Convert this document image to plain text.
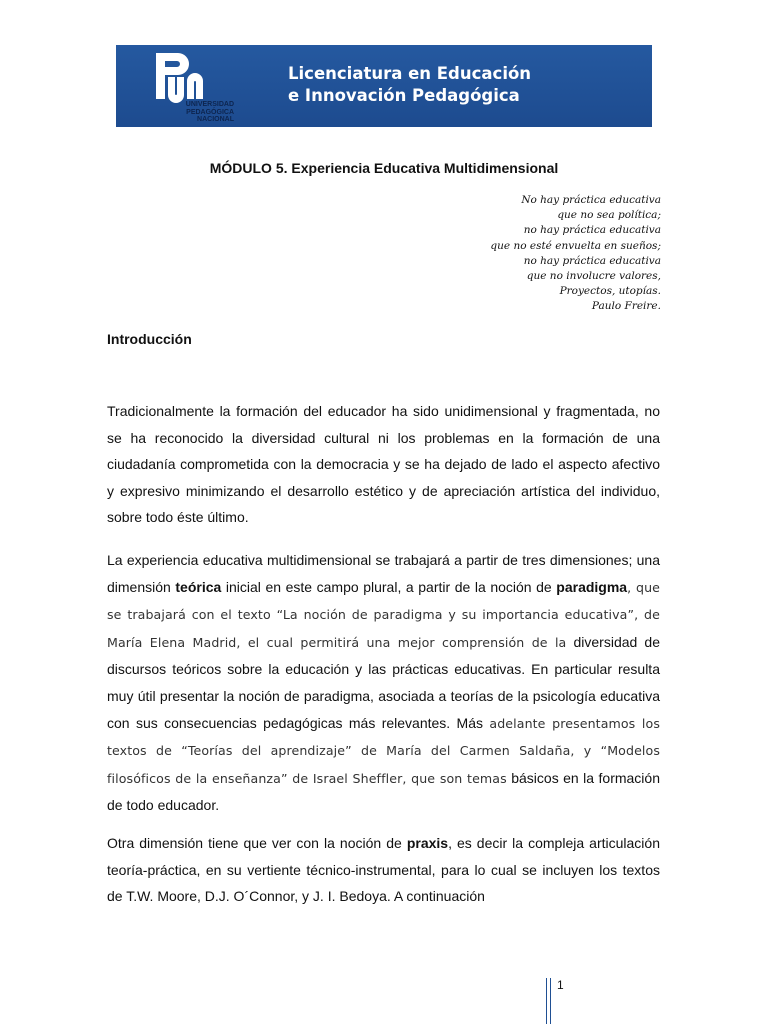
UNIVERSIDAD
PEDAGÓGICA
NACIONAL
Licenciatura en Educación
e Innovación Pedagógica
MÓDULO 5. Experiencia Educativa Multidimensional
No hay práctica educativa
que no sea política;
no hay práctica educativa
que no esté envuelta en sueños;
no hay práctica educativa
que no involucre valores,
Proyectos, utopías.
Paulo Freire.
Introducción

Tradicionalmente la formación del educador ha sido unidimensional y fragmentada, no se ha reconocido la diversidad cultural ni los problemas en la formación de una ciudadanía comprometida con la democracia y se ha dejado de lado el aspecto afectivo y expresivo minimizando el desarrollo estético y de apreciación artística del individuo, sobre todo éste último.

La experiencia educativa multidimensional se trabajará a partir de tres dimensiones; una dimensión teórica inicial en este campo plural, a partir de la noción de paradigma, que se trabajará con el texto “La noción de paradigma y su importancia educativa”, de María Elena Madrid, el cual permitirá una mejor comprensión de la diversidad de discursos teóricos sobre la educación y las prácticas educativas. En particular resulta muy útil presentar la noción de paradigma, asociada a teorías de la psicología educativa con sus consecuencias pedagógicas más relevantes. Más adelante presentamos los textos de “Teorías del aprendizaje” de María del Carmen Saldaña, y “Modelos filosóficos de la enseñanza” de Israel Sheffler, que son temas básicos en la formación de todo educador.

Otra dimensión tiene que ver con la noción de praxis, es decir la compleja articulación teoría-práctica, en su vertiente técnico-instrumental, para lo cual se incluyen los textos de T.W. Moore, D.J. O´Connor, y J. I. Bedoya. A continuación

1
